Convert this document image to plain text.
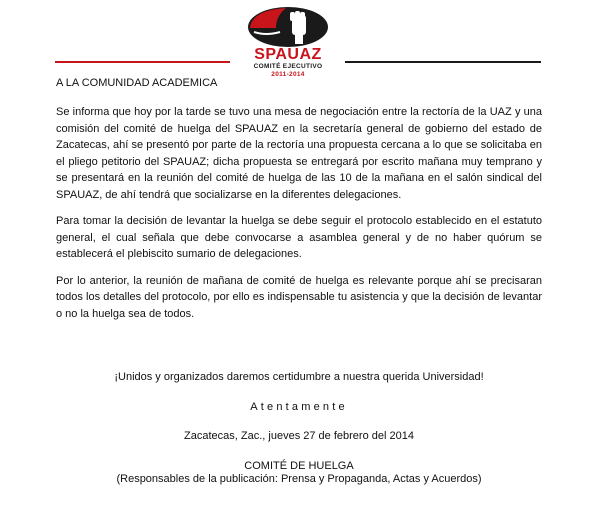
SPAUAZ
COMITÉ EJECUTIVO
2011-2014
A LA COMUNIDAD ACADEMICA

Se informa que hoy por la tarde se tuvo una mesa de negociación entre la rectoría de la UAZ y una comisión del comité de huelga del SPAUAZ en la secretaría general de gobierno del estado de Zacatecas, ahí se presentó por parte de la rectoría una propuesta cercana a lo que se solicitaba en el pliego petitorio del SPAUAZ; dicha propuesta se entregará por escrito mañana muy temprano y se presentará en la reunión del comité de huelga de las 10 de la mañana en el salón sindical del SPAUAZ, de ahí tendrá que socializarse en la diferentes delegaciones.

Para tomar la decisión de levantar la huelga se debe seguir el protocolo establecido en el estatuto general, el cual señala que debe convocarse a asamblea general y de no haber quórum se establecerá el plebiscito sumario de delegaciones.

Por lo anterior, la reunión de mañana de comité de huelga es relevante porque ahí se precisaran todos los detalles del protocolo, por ello es indispensable tu asistencia y que la decisión de levantar o no la huelga sea de todos.

¡Unidos y organizados daremos certidumbre a nuestra querida Universidad!
Atentamente
Zacatecas, Zac., jueves 27 de febrero del 2014
COMITÉ DE HUELGA
(Responsables de la publicación: Prensa y Propaganda, Actas y Acuerdos)
